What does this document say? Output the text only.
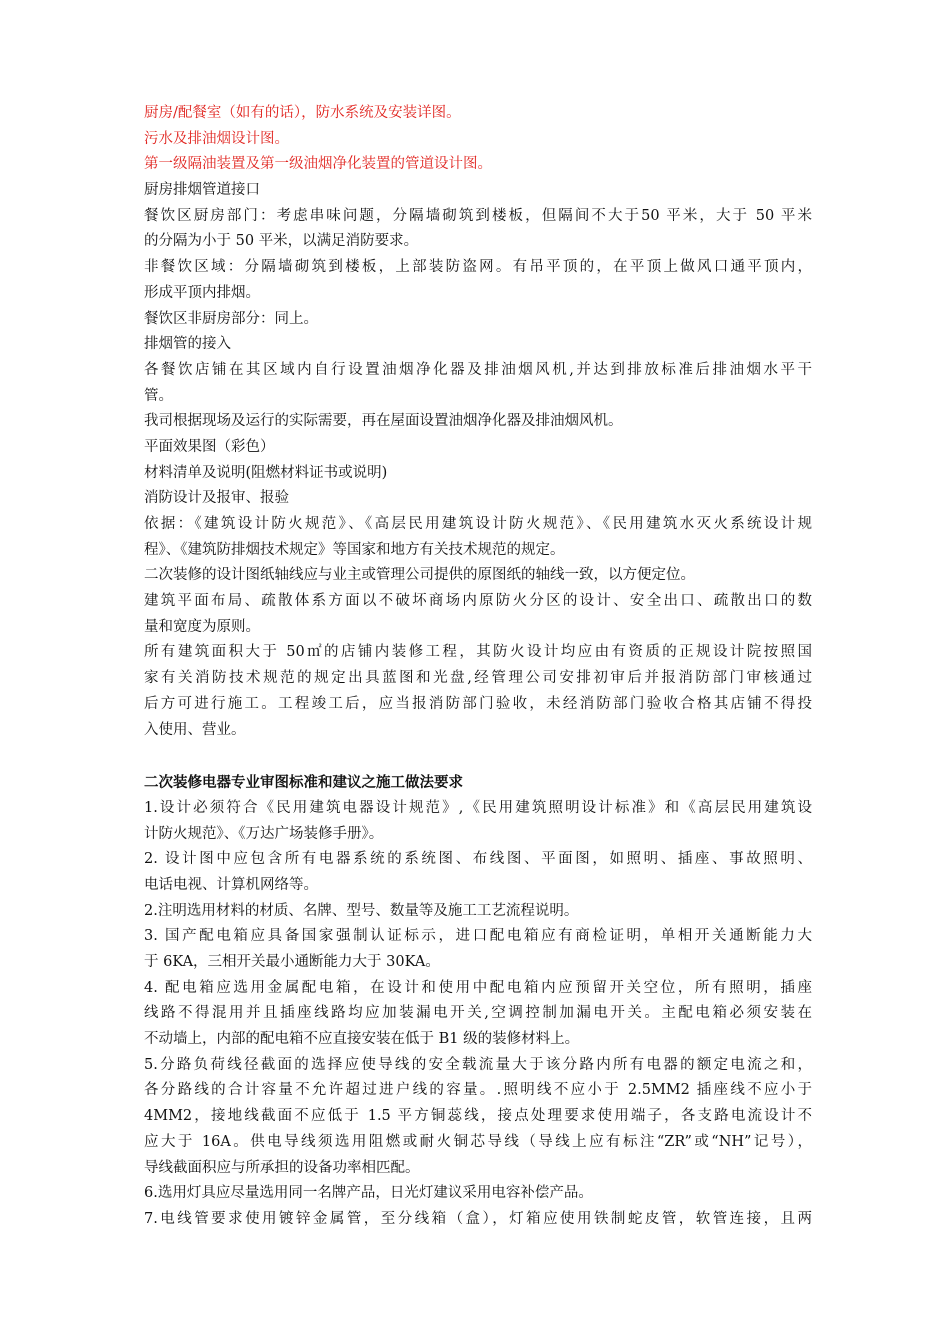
厨房/配餐室（如有的话），防水系统及安装详图。
污水及排油烟设计图。
第一级隔油装置及第一级油烟净化装置的管道设计图。
厨房排烟管道接口
餐饮区厨房部门：考虑串味问题，分隔墙砌筑到楼板，但隔间不大于50 平米，大于 50 平米
的分隔为小于 50 平米，以满足消防要求。
非餐饮区域：分隔墙砌筑到楼板，上部装防盗网。有吊平顶的，在平顶上做风口通平顶内，
形成平顶内排烟。
餐饮区非厨房部分：同上。
排烟管的接入
各餐饮店铺在其区域内自行设置油烟净化器及排油烟风机,并达到排放标准后排油烟水平干
管。
我司根据现场及运行的实际需要，再在屋面设置油烟净化器及排油烟风机。
平面效果图（彩色）
材料清单及说明(阻燃材料证书或说明)
消防设计及报审、报验
依据：《建筑设计防火规范》、《高层民用建筑设计防火规范》、《民用建筑水灭火系统设计规
程》、《建筑防排烟技术规定》等国家和地方有关技术规范的规定。
二次装修的设计图纸轴线应与业主或管理公司提供的原图纸的轴线一致，以方便定位。
建筑平面布局、疏散体系方面以不破坏商场内原防火分区的设计、安全出口、疏散出口的数
量和宽度为原则。
所有建筑面积大于 50㎡的店铺内装修工程，其防火设计均应由有资质的正规设计院按照国
家有关消防技术规范的规定出具蓝图和光盘,经管理公司安排初审后并报消防部门审核通过
后方可进行施工。工程竣工后，应当报消防部门验收，未经消防部门验收合格其店铺不得投
入使用、营业。
二次装修电器专业审图标准和建议之施工做法要求
1.设计必须符合《民用建筑电器设计规范》,《民用建筑照明设计标准》和《高层民用建筑设
计防火规范》、《万达广场装修手册》。
2. 设计图中应包含所有电器系统的系统图、布线图、平面图，如照明、插座、事故照明、
电话电视、计算机网络等。
2.注明选用材料的材质、名牌、型号、数量等及施工工艺流程说明。
3. 国产配电箱应具备国家强制认证标示，进口配电箱应有商检证明，单相开关通断能力大
于 6KA，三相开关最小通断能力大于 30KA。
4. 配电箱应选用金属配电箱，在设计和使用中配电箱内应预留开关空位，所有照明，插座
线路不得混用并且插座线路均应加装漏电开关,空调控制加漏电开关。主配电箱必须安装在
不动墙上，内部的配电箱不应直接安装在低于 B1 级的装修材料上。
5.分路负荷线径截面的选择应使导线的安全载流量大于该分路内所有电器的额定电流之和，
各分路线的合计容量不允许超过进户线的容量。.照明线不应小于 2.5MM2 插座线不应小于
4MM2，接地线截面不应低于 1.5 平方铜蕊线，接点处理要求使用端子，各支路电流设计不
应大于 16A。供电导线须选用阻燃或耐火铜芯导线（导线上应有标注“ZR”或“NH”记号），
导线截面积应与所承担的设备功率相匹配。
6.选用灯具应尽量选用同一名牌产品，日光灯建议采用电容补偿产品。
7.电线管要求使用镀锌金属管，至分线箱（盒），灯箱应使用铁制蛇皮管，软管连接，且两
